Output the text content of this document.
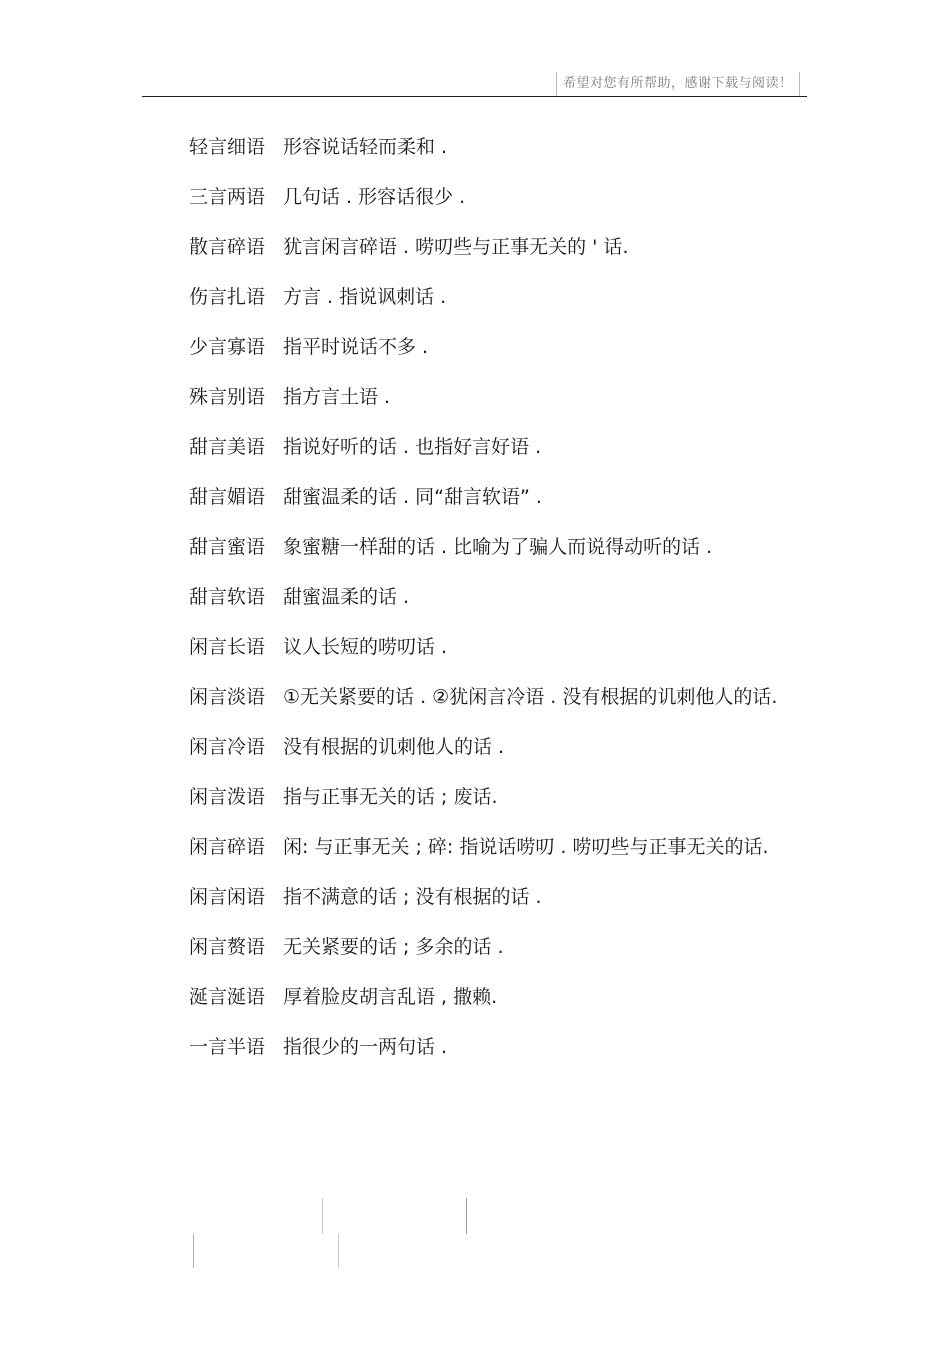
希望对您有所帮助，感谢下载与阅读！

轻言细语 形容说话轻而柔和 .

三言两语 几句话 . 形容话很少 .

散言碎语 犹言闲言碎语 . 唠叨些与正事无关的 ' 话.

伤言扎语 方言 . 指说讽刺话 .

少言寡语 指平时说话不多 .

殊言别语 指方言土语 .

甜言美语 指说好听的话 . 也指好言好语 .

甜言媚语 甜蜜温柔的话 . 同“甜言软语” .

甜言蜜语 象蜜糖一样甜的话 . 比喻为了骗人而说得动听的话 .

甜言软语 甜蜜温柔的话 .

闲言长语 议人长短的唠叨话 .

闲言淡语 ①无关紧要的话 . ②犹闲言冷语 . 没有根据的讥刺他人的话.

闲言冷语 没有根据的讥刺他人的话 .

闲言泼语 指与正事无关的话 ; 废话.

闲言碎语 闲: 与正事无关 ; 碎: 指说话唠叨 . 唠叨些与正事无关的话.

闲言闲语 指不满意的话 ; 没有根据的话 .

闲言赘语 无关紧要的话 ; 多余的话 .

涎言涎语 厚着脸皮胡言乱语 , 撒赖.

一言半语 指很少的一两句话 .
